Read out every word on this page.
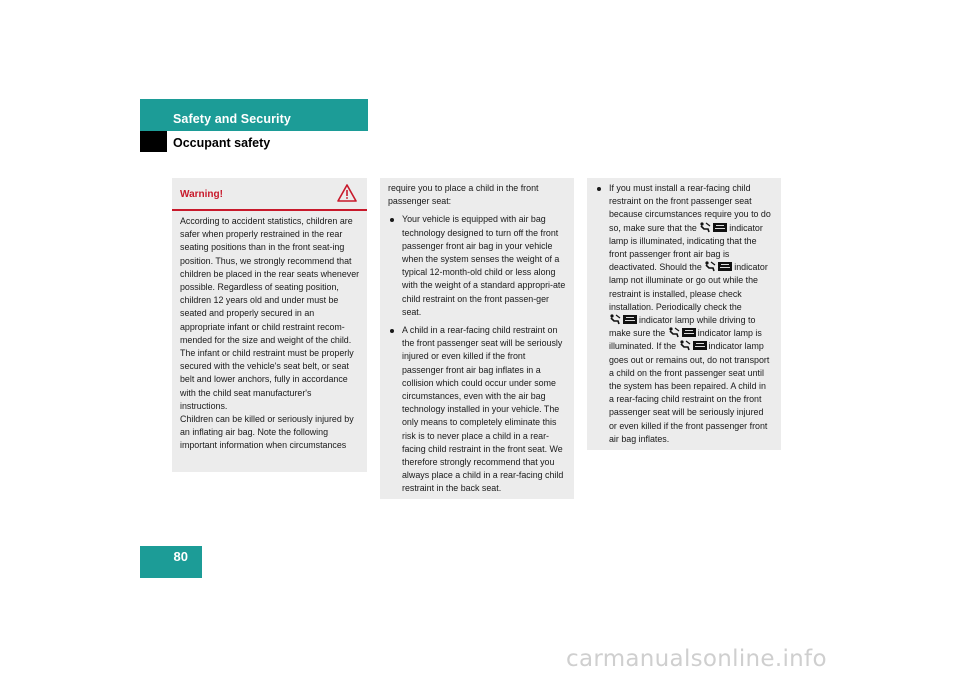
Safety and Security
Occupant safety
Warning!

According to accident statistics, children are safer when properly restrained in the rear seating positions than in the front seat-ing position. Thus, we strongly recommend that children be placed in the rear seats whenever possible. Regardless of seating position, children 12 years old and under must be seated and properly secured in an appropriate infant or child restraint recom-mended for the size and weight of the child.

The infant or child restraint must be properly secured with the vehicle's seat belt, or seat belt and lower anchors, fully in accordance with the child seat manufacturer's instructions.

Children can be killed or seriously injured by an inflating air bag. Note the following important information when circumstances

require you to place a child in the front passenger seat:

Your vehicle is equipped with air bag technology designed to turn off the front passenger front air bag in your vehicle when the system senses the weight of a typical 12-month-old child or less along with the weight of a standard appropri-ate child restraint on the front passen-ger seat.
A child in a rear-facing child restraint on the front passenger seat will be seriously injured or even killed if the front passenger front air bag inflates in a collision which could occur under some circumstances, even with the air bag technology installed in your vehicle. The only means to completely eliminate this risk is to never place a child in a rear-facing child restraint in the front seat. We therefore strongly recommend that you always place a child in a rear-facing child restraint in the back seat.
If you must install a rear-facing child restraint on the front passenger seat because circumstances require you to do so, make sure that the	indicator lamp is illuminated, indicating that the front passenger front air bag is deactivated. Should the	indicator lamp not illuminate or go out while the restraint is installed, please check installation. Periodically check the
indicator lamp while driving to make sure the	indicator lamp is illuminated. If the	indicator lamp goes out or remains out, do not transport a child on the front passenger seat until the system has been repaired. A child in a rear-facing child restraint on the front passenger seat will be seriously injured or even killed if the front passenger front air bag inflates.
80
carmanualsonline.info
